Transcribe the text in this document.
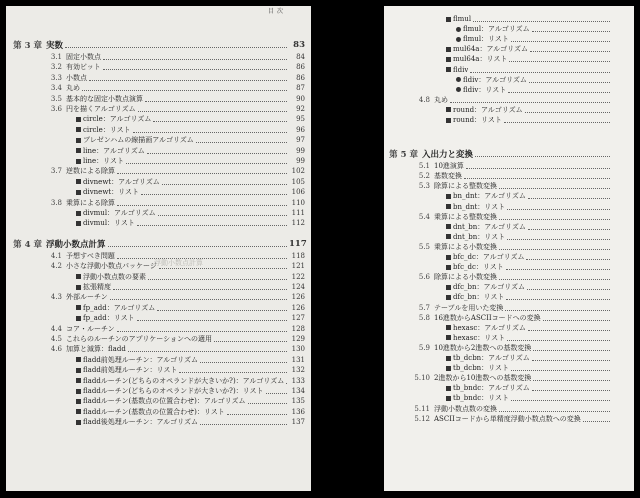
目次
浮動小数点計算
第 3 章 実数	83
3.1 固定小数点	84
3.2 有効ビット	86
3.3 小数点	86
3.4 丸め	87
3.5 基本的な固定小数点演算	90
3.6 円を描くアルゴリズム	92
circle：アルゴリズム	95
circle：リスト	96
ブレゼンハムの線描画アルゴリズム	97
line：アルゴリズム	99
line：リスト	99
3.7 逆数による除算	102
divnewt：アルゴリズム	105
divnewt：リスト	106
3.8 乗算による除算	110
divmul：アルゴリズム	111
divmul：リスト	112
第 4 章 浮動小数点計算	117
4.1 予想すべき問題	118
4.2 小さな浮動小数点パッケージ	121
浮動小数点数の要素	122
拡張精度	124
4.3 外部ルーチン	126
fp_add：アルゴリズム	126
fp_add：リスト	127
4.4 コア・ルーチン	128
4.5 これらのルーチンのアプリケーションへの適用	129
4.6 加算と減算：fladd	130
fladd前処理ルーチン：アルゴリズム	131
fladd前処理ルーチン：リスト	132
fladdルーチン(どちらのオペランドが大きいか?)：アルゴリズム	133
fladdルーチン(どちらのオペランドが大きいか?)：リスト	134
fladdルーチン(基数点の位置合わせ)：アルゴリズム	135
fladdルーチン(基数点の位置合わせ)：リスト	136
fladd後処理ルーチン：アルゴリズム	137
flmul
flmul：アルゴリズム
flmul：リスト
mul64a：アルゴリズム
mul64a：リスト
fldiv
fldiv：アルゴリズム
fldiv：リスト
4.8 丸め
round：アルゴリズム
round：リスト
第 5 章 入出力と変換
5.1 10進演算
5.2 基数変換
5.3 除算による整数変換
bn_dnt：アルゴリズム
bn_dnt：リスト
5.4 乗算による整数変換
dnt_bn：アルゴリズム
dnt_bn：リスト
5.5 乗算による小数変換
bfc_dc：アルゴリズム
bfc_dc：リスト
5.6 除算による小数変換
dfc_bn：アルゴリズム
dfc_bn：リスト
5.7 テーブルを用いた変換
5.8 16進数からASCIIコードへの変換
hexasc：アルゴリズム
hexasc：リスト
5.9 10進数から2進数への基数変換
tb_dcbn：アルゴリズム
tb_dcbn：リスト
5.10 2進数から10進数への基数変換
tb_bndc：アルゴリズム
tb_bndc：リスト
5.11 浮動小数点数の変換
5.12 ASCIIコードから単精度浮動小数点数への変換
